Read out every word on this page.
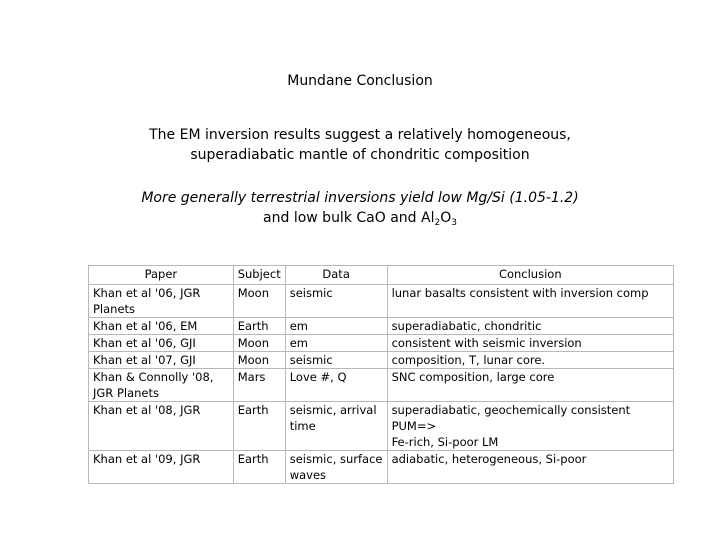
Mundane Conclusion
The EM inversion results suggest a relatively homogeneous,
superadiabatic mantle of chondritic composition
More generally terrestrial inversions yield low Mg/Si (1.05-1.2)
and low bulk CaO and $Al_2O_3$
Paper	Subject	Data	Conclusion

Khan et al '06, JGR
Planets	Moon	seismic	lunar basalts consistent with inversion comp

Khan et al '06, EM	Earth	em	superadiabatic, chondritic

Khan et al '06, GJI	Moon	em	consistent with seismic inversion

Khan et al '07, GJI	Moon	seismic	composition, T, lunar core.

Khan & Connolly '08,
JGR Planets	Mars	Love #, Q	SNC composition, large core

Khan et al '08, JGR	Earth	seismic, arrival
time	superadiabatic, geochemically consistent PUM=>
Fe-rich, Si-poor LM

Khan et al '09, JGR	Earth	seismic, surface
waves	adiabatic, heterogeneous, Si-poor
